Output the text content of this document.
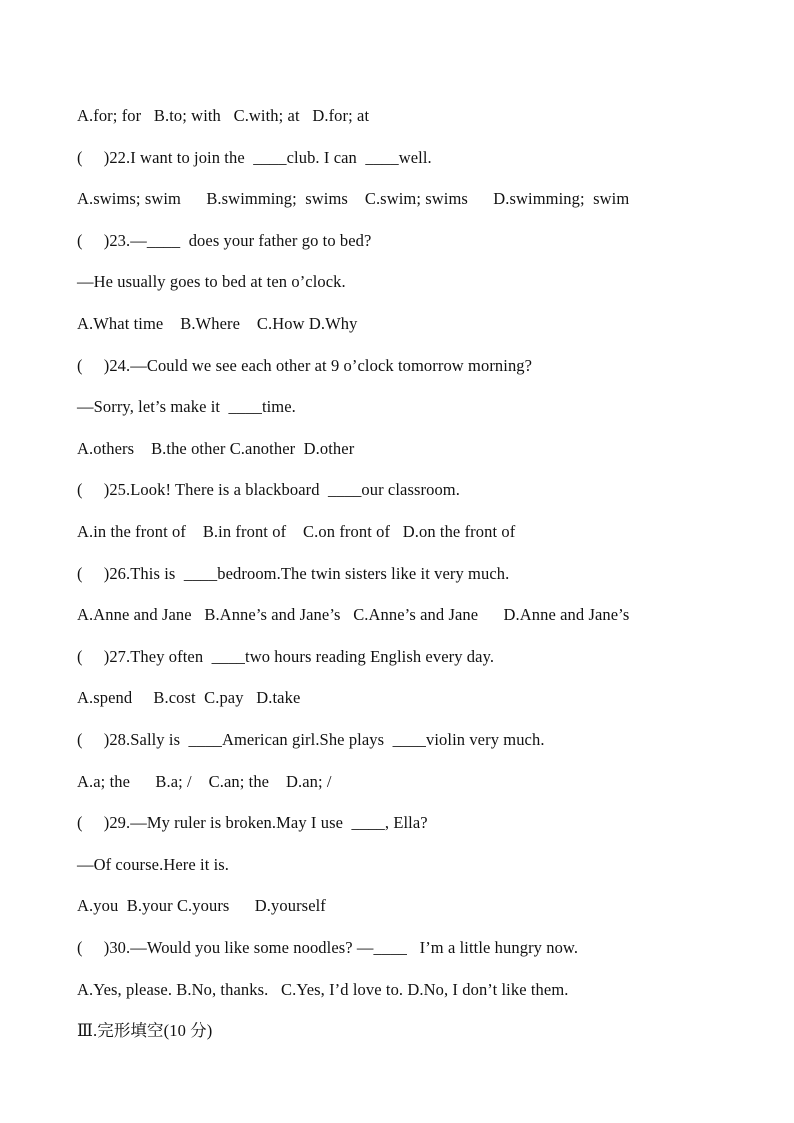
A.for; for   B.to; with   C.with; at   D.for; at
(     )22.I want to join the  ____club. I can  ____well.
A.swims; swim      B.swimming;  swims    C.swim; swims      D.swimming;  swim
(     )23.—____  does your father go to bed?
—He usually goes to bed at ten o’clock.
A.What time    B.Where    C.How D.Why
(     )24.—Could we see each other at 9 o’clock tomorrow morning?
—Sorry, let’s make it  ____time.
A.others    B.the other C.another  D.other
(     )25.Look! There is a blackboard  ____our classroom.
A.in the front of    B.in front of    C.on front of   D.on the front of
(     )26.This is  ____bedroom.The twin sisters like it very much.
A.Anne and Jane   B.Anne’s and Jane’s   C.Anne’s and Jane      D.Anne and Jane’s
(     )27.They often  ____two hours reading English every day.
A.spend     B.cost  C.pay   D.take
(     )28.Sally is  ____American girl.She plays  ____violin very much.
A.a; the      B.a; /    C.an; the    D.an; /
(     )29.—My ruler is broken.May I use  ____, Ella?
—Of course.Here it is.
A.you  B.your C.yours      D.yourself
(     )30.—Would you like some noodles? —____   I’m a little hungry now.
A.Yes, please. B.No, thanks.   C.Yes, I’d love to. D.No, I don’t like them.
Ⅲ.完形填空(10 分)
